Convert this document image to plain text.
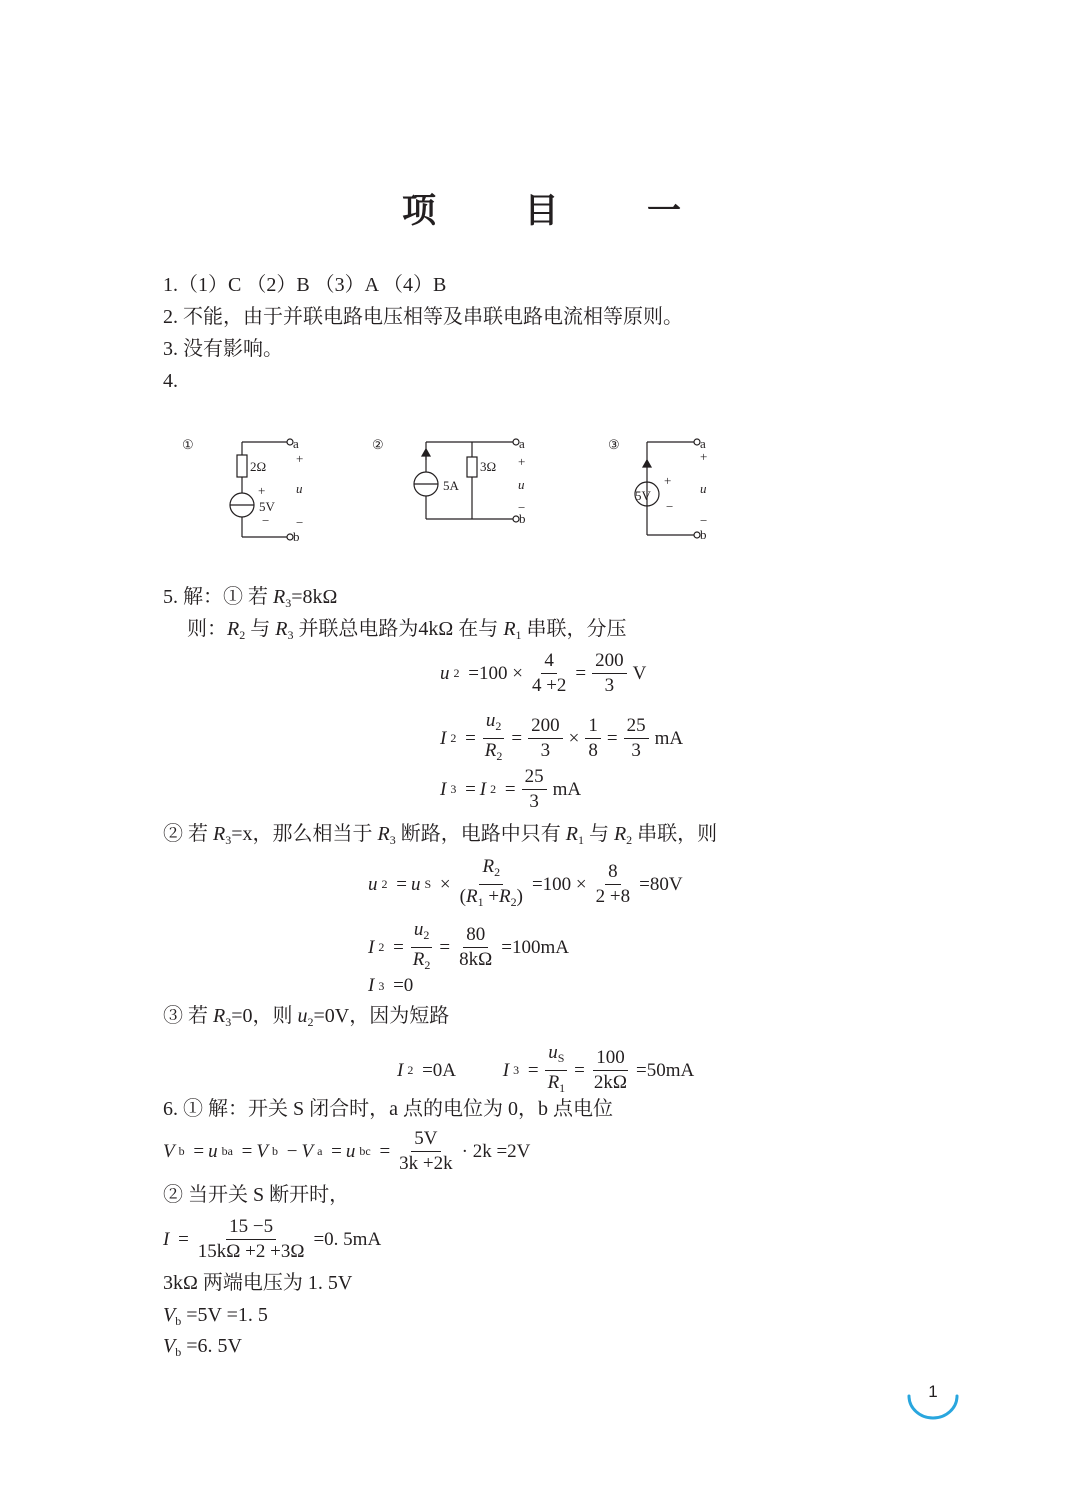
项 目 一
1.（1）C （2）B （3）A （4）B
2. 不能，由于并联电路电压相等及串联电路电流相等原则。
3. 没有影响。
4.
①
2Ω
5V
+
−
a
b
+
u
−
②
5A
3Ω
a
b
+
u
−
③
5V
+
−
a
b
+
u
−
5. 解：① 若 $R_3=8k\Omega$
则：$R_2$ 与 $R_3$ 并联总电路为4kΩ 在与 $R_1$ 串联，分压
u $2 =100 \times \frac{4}{4 +2} = \frac{200}{3}$ V
I $2 = \frac{u_2}{R_2} = \frac{200}{3} \times \frac{1}{8} = \frac{25}{3}$ mA
I 3 = I $2 = \frac{25}{3}$ mA
② 若 $R_3=x$，那么相当于 $R_3$ 断路，电路中只有 $R_1$ 与 $R_2$ 串联，则
u 2 = u $S \times \frac{R_2}{(R_1 +R_2)} =100 \times \frac{8}{2 +8} =80V$
I $2 = \frac{u_2}{R_2} = \frac{80}{8k\Omega} =100mA$
I 3 =0
③ 若 $R_3=0$，则 $u_2=0V$，因为短路
I 2 =0A I $3 = \frac{u_S}{R_1} = \frac{100}{2k\Omega} =50mA$
6. ① 解：开关 S 闭合时，a 点的电位为 0，b 点电位
V b = u ba = V b − V a = u bc = $\frac{5V}{3k +2k} \cdot 2k =2V$
② 当开关 S 断开时，
$I = \frac{15 -5}{15k\Omega +2 +3\Omega} =0$. 5mA
3kΩ 两端电压为 1. 5V
$V_b =5V =1$. 5
$V_b =6$. 5V
1
